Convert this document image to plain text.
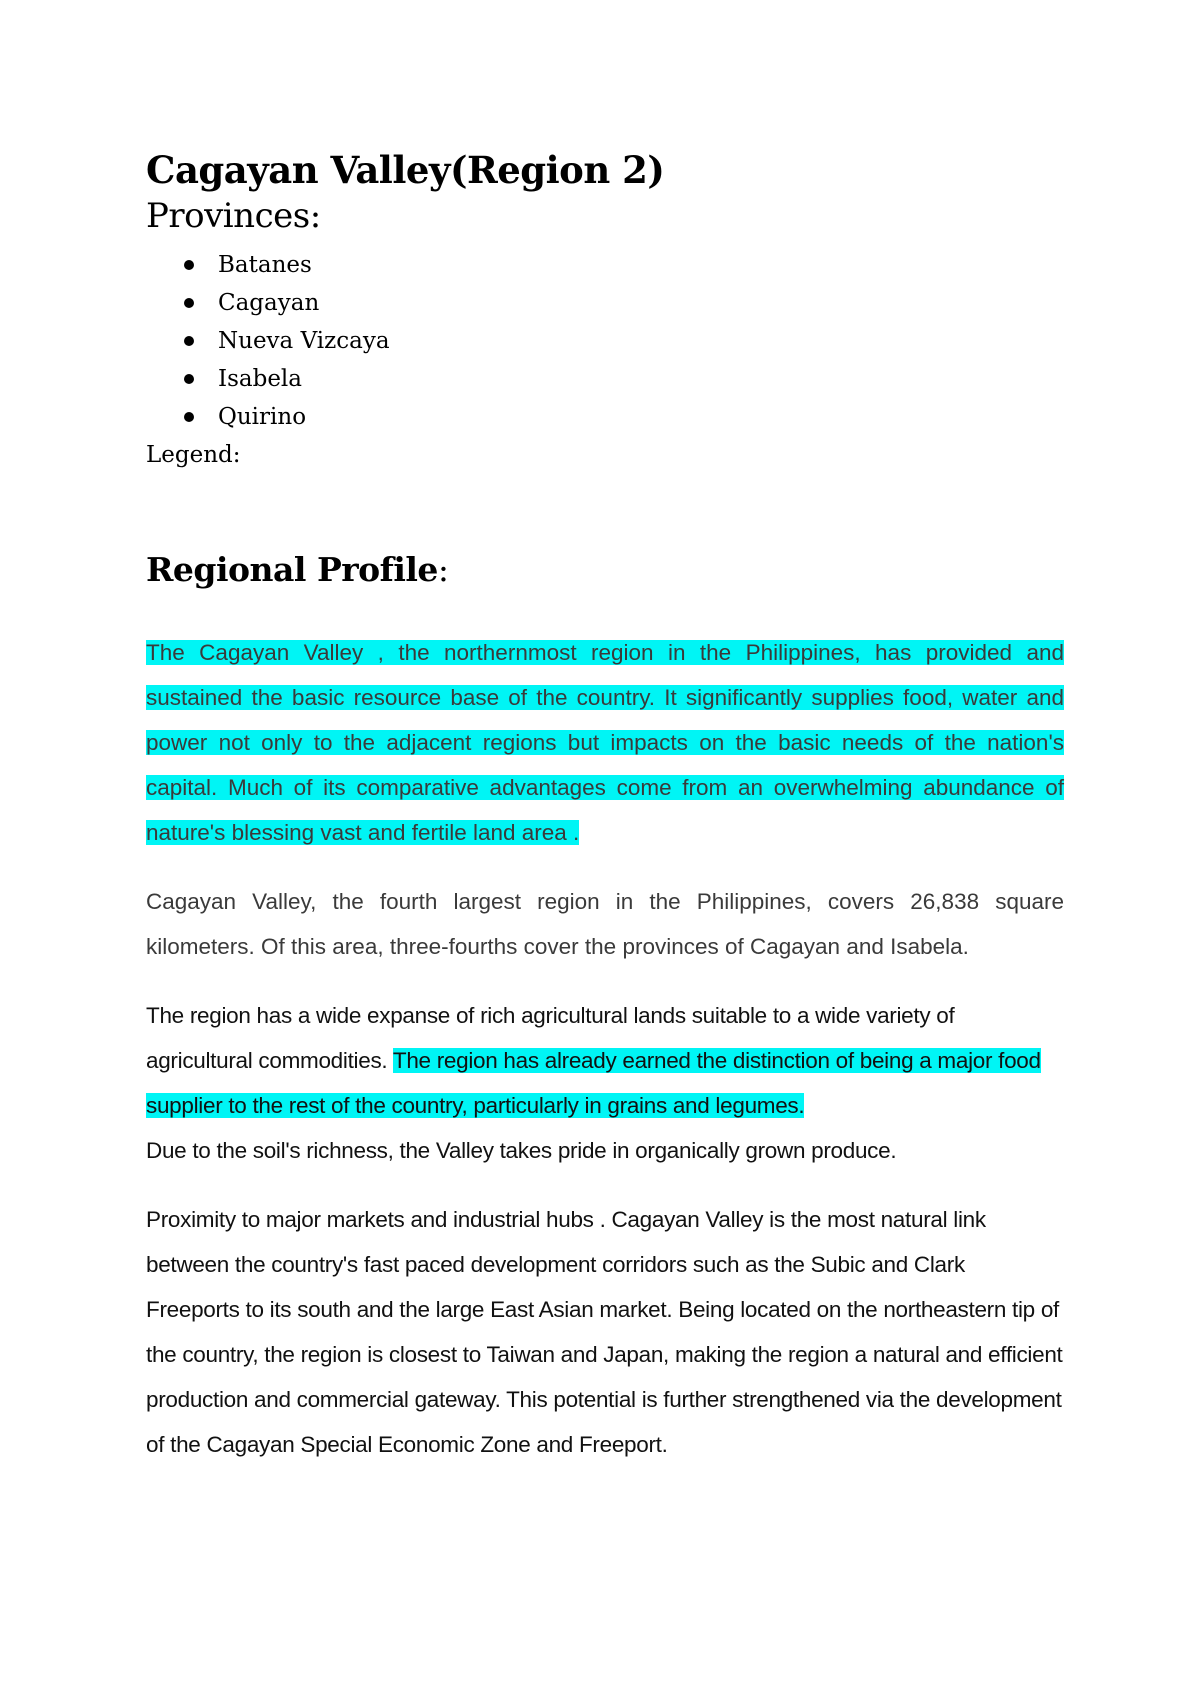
Cagayan Valley(Region 2)
Provinces:
Batanes
Cagayan
Nueva Vizcaya
Isabela
Quirino
Legend:
Regional Profile:

The Cagayan Valley , the northernmost region in the Philippines, has provided and sustained the basic resource base of the country. It significantly supplies food, water and power not only to the adjacent regions but impacts on the basic needs of the nation's capital. Much of its comparative advantages come from an overwhelming abundance of nature's blessing vast and fertile land area .

Cagayan Valley, the fourth largest region in the Philippines, covers 26,838 square kilometers. Of this area, three-fourths cover the provinces of Cagayan and Isabela.

The region has a wide expanse of rich agricultural lands suitable to a wide variety of agricultural commodities. The region has already earned the distinction of being a major food supplier to the rest of the country, particularly in grains and legumes.
Due to the soil's richness, the Valley takes pride in organically grown produce.

Proximity to major markets and industrial hubs . Cagayan Valley is the most natural link between the country's fast paced development corridors such as the Subic and Clark Freeports to its south and the large East Asian market. Being located on the northeastern tip of the country, the region is closest to Taiwan and Japan, making the region a natural and efficient production and commercial gateway. This potential is further strengthened via the development of the Cagayan Special Economic Zone and Freeport.
